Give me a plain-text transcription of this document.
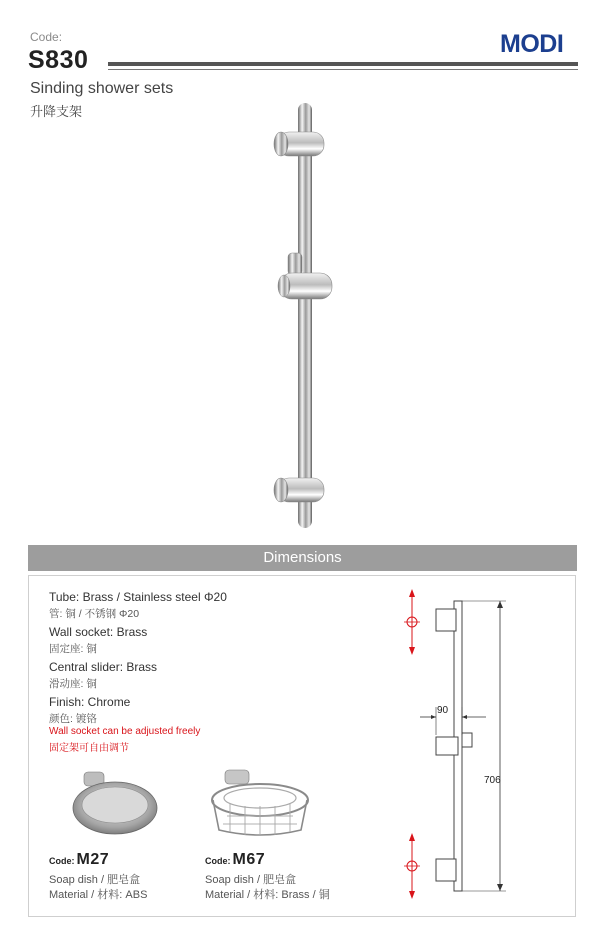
Code:
S830
MODI
Sinding shower sets
升降支架
Dimensions
Tube: Brass / Stainless steel Φ20
管: 铜 / 不锈钢 Φ20
Wall socket: Brass
固定座: 铜
Central slider: Brass
滑动座: 铜
Finish: Chrome
颜色: 镀铬
Wall socket can be adjusted freely
固定架可自由调节
Code: M27
Soap dish / 肥皂盒
Material / 材料: ABS
Code: M67
Soap dish / 肥皂盒
Material / 材料: Brass / 铜
90
706
